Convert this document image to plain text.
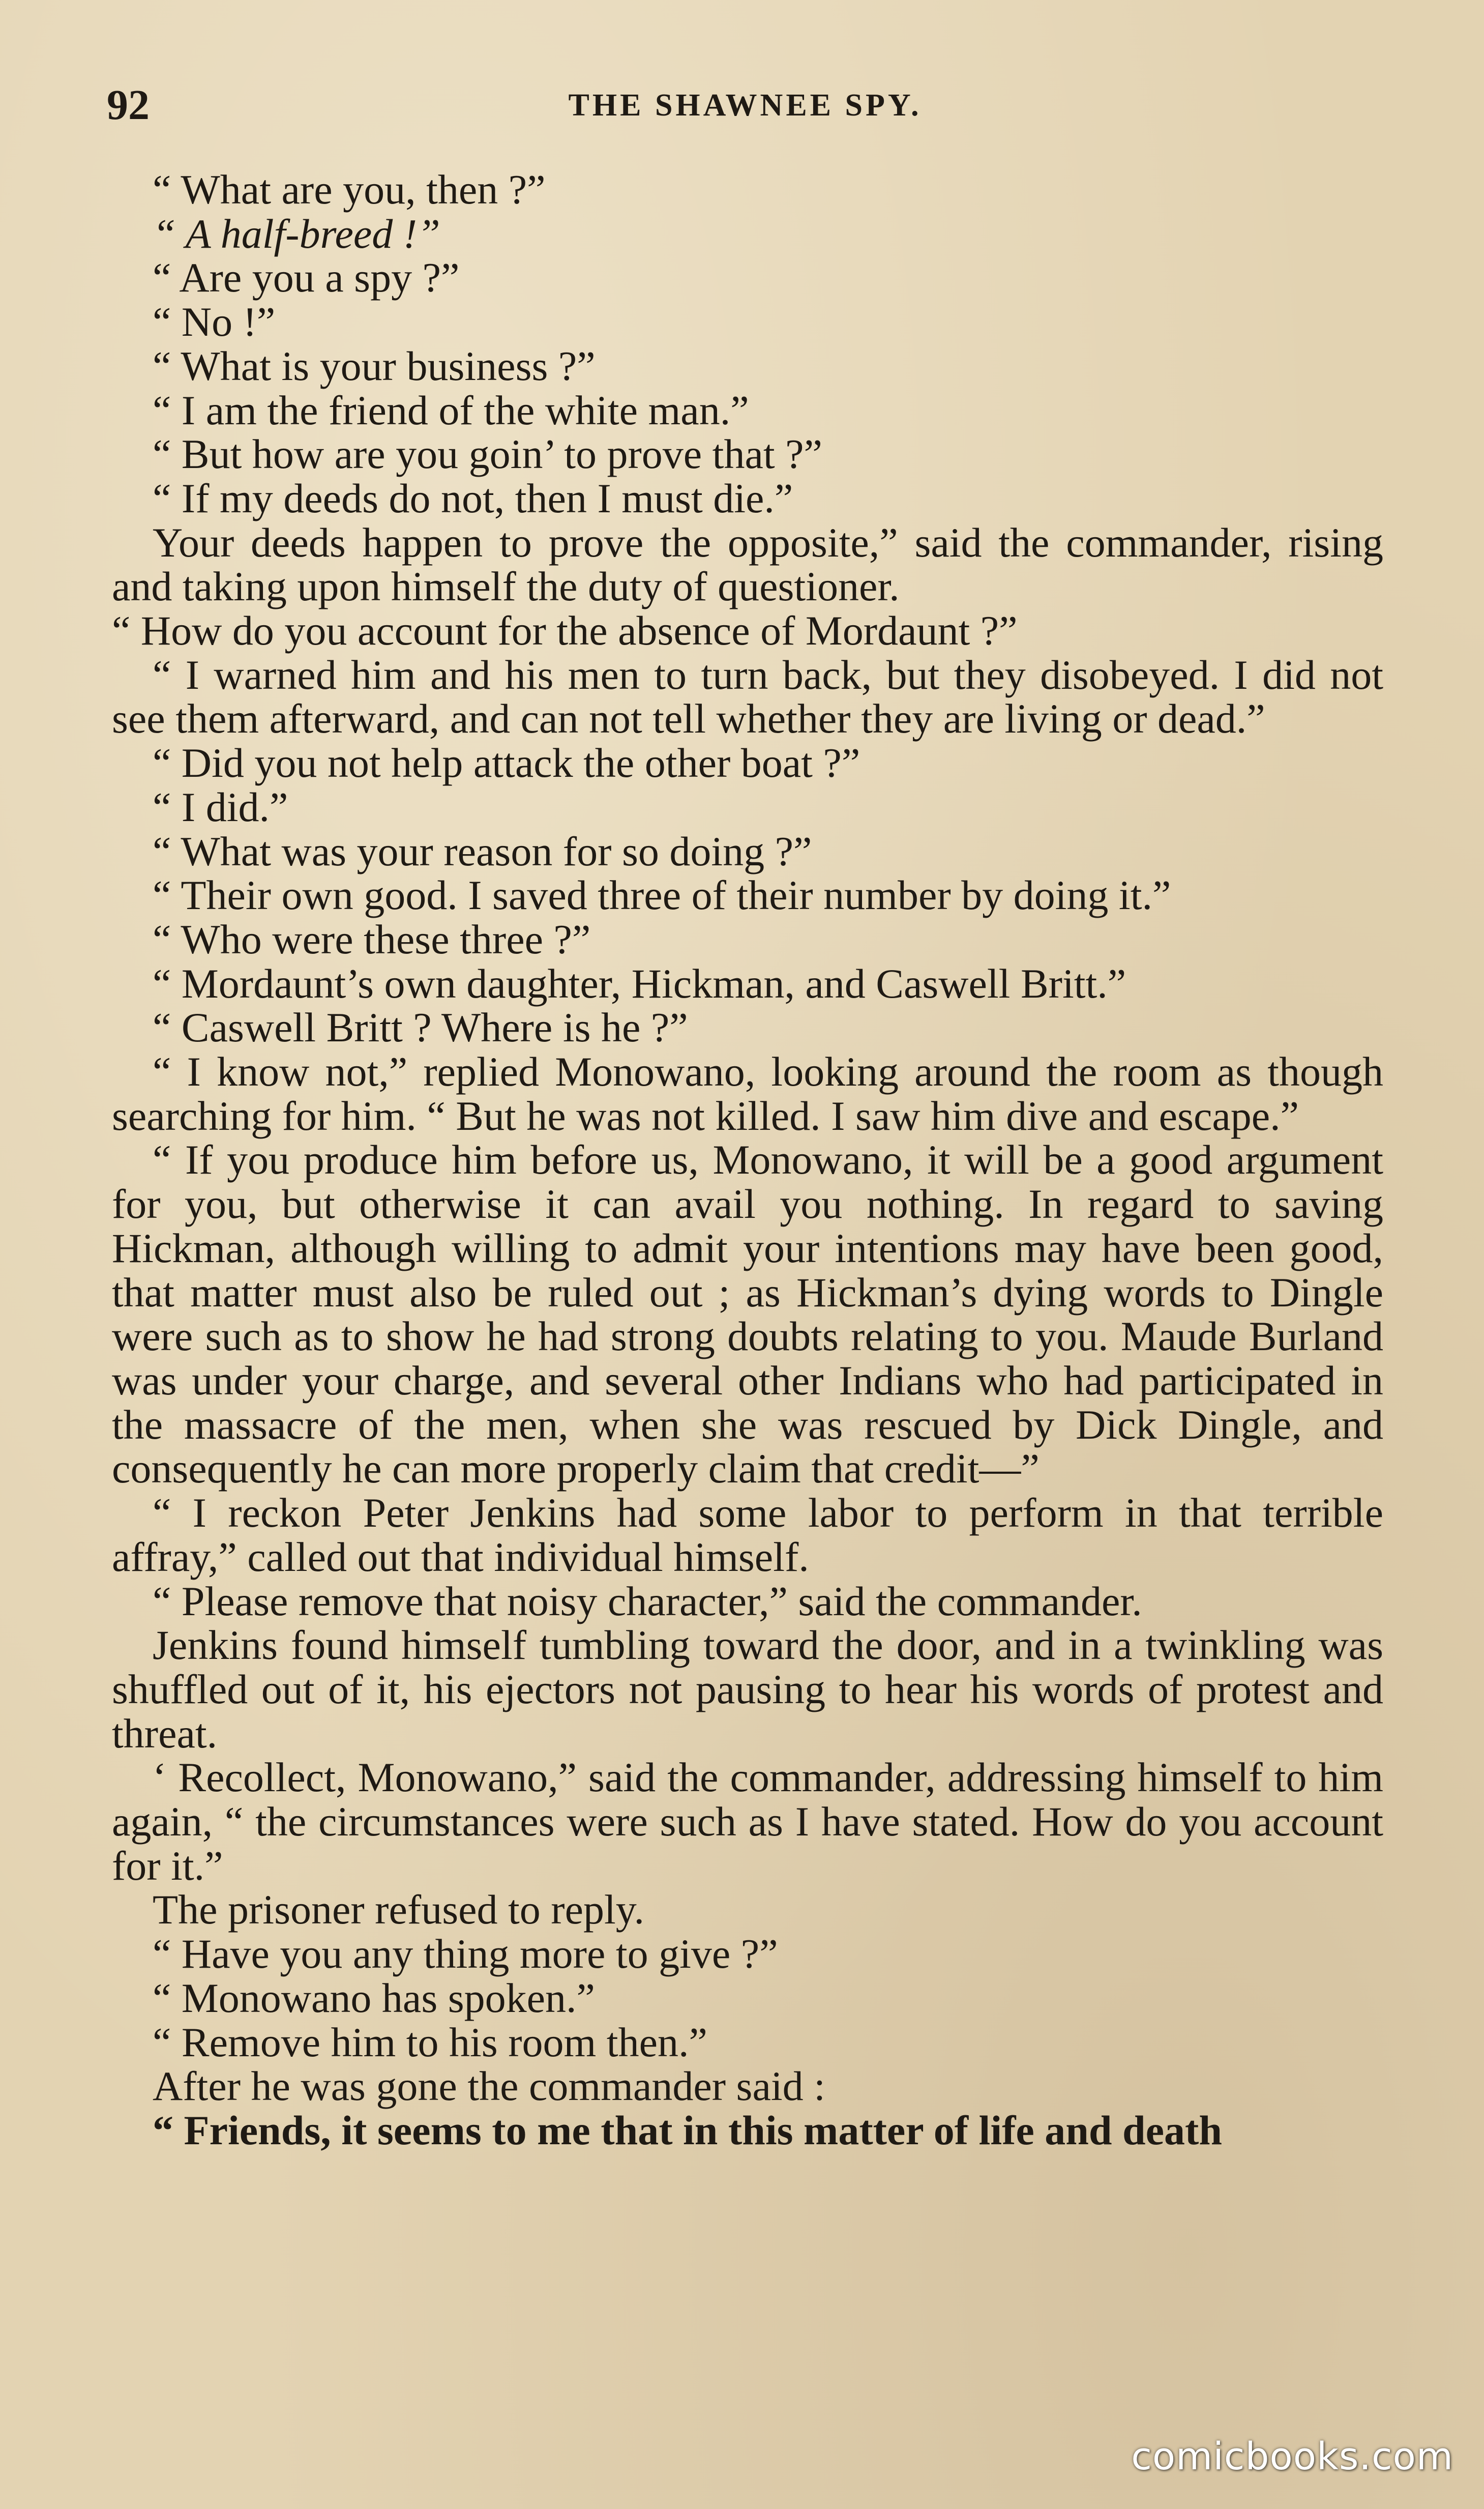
92	THE SHAWNEE SPY.

“ What are you, then ?”

“ A half-breed !”

“ Are you a spy ?”

“ No !”

“ What is your business ?”

“ I am the friend of the white man.”

“ But how are you goin’ to prove that ?”

“ If my deeds do not, then I must die.”

Your deeds happen to prove the opposite,” said the commander, rising and taking upon himself the duty of questioner.

“ How do you account for the absence of Mordaunt ?”

“ I warned him and his men to turn back, but they disobeyed. I did not see them afterward, and can not tell whether they are living or dead.”

“ Did you not help attack the other boat ?”

“ I did.”

“ What was your reason for so doing ?”

“ Their own good. I saved three of their number by doing it.”

“ Who were these three ?”

“ Mordaunt’s own daughter, Hickman, and Caswell Britt.”

“ Caswell Britt ? Where is he ?”

“ I know not,” replied Monowano, looking around the room as though searching for him. “ But he was not killed. I saw him dive and escape.”

“ If you produce him before us, Monowano, it will be a good argument for you, but otherwise it can avail you nothing. In regard to saving Hickman, although willing to admit your intentions may have been good, that matter must also be ruled out ; as Hickman’s dying words to Dingle were such as to show he had strong doubts relating to you. Maude Burland was under your charge, and several other Indians who had participated in the massacre of the men, when she was rescued by Dick Dingle, and consequently he can more properly claim that credit—”

“ I reckon Peter Jenkins had some labor to perform in that terrible affray,” called out that individual himself.

“ Please remove that noisy character,” said the commander.

Jenkins found himself tumbling toward the door, and in a twinkling was shuffled out of it, his ejectors not pausing to hear his words of protest and threat.

‘ Recollect, Monowano,” said the commander, addressing himself to him again, “ the circumstances were such as I have stated. How do you account for it.”

The prisoner refused to reply.

“ Have you any thing more to give ?”

“ Monowano has spoken.”

“ Remove him to his room then.”

After he was gone the commander said :

“ Friends, it seems to me that in this matter of life and death

comicbooks.com
